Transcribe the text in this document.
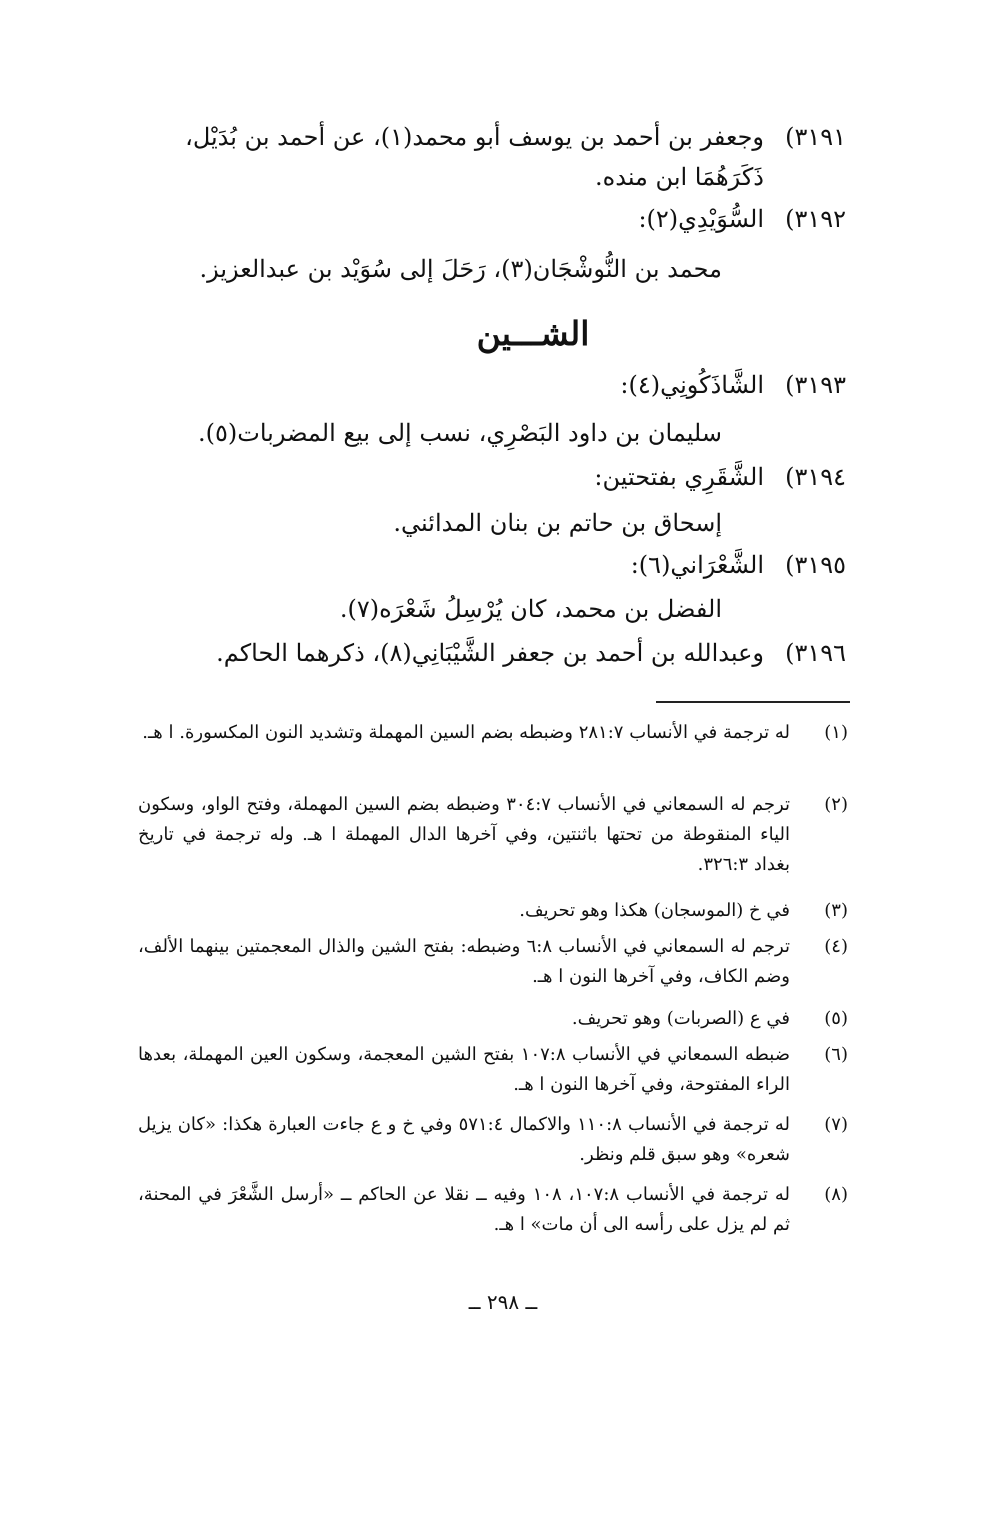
٣١٩١)وجعفر بن أحمد بن يوسف أبو محمد(١)، عن أحمد بن بُدَيْل،
ذَكَرَهُمَا ابن منده.
٣١٩٢)السُّوَيْدِي(٢):
محمد بن النُّوشْجَان(٣)، رَحَلَ إلى سُوَيْد بن عبدالعزيز.
الشـــين
٣١٩٣)الشَّاذَكُونِي(٤):
سليمان بن داود البَصْرِي، نسب إلى بيع المضربات(٥).
٣١٩٤)الشَّقَرِي بفتحتين:
إسحاق بن حاتم بن بنان المدائني.
٣١٩٥)الشَّعْرَاني(٦):
الفضل بن محمد، كان يُرْسِلُ شَعْرَه(٧).
٣١٩٦)وعبدالله بن أحمد بن جعفر الشَّيْبَانِي(٨)، ذكرهما الحاكم.
(١)
له ترجمة في الأنساب ٢٨١:٧ وضبطه بضم السين المهملة وتشديد النون المكسورة. ا هـ.
(٢)
ترجم له السمعاني في الأنساب ٣٠٤:٧ وضبطه بضم السين المهملة، وفتح الواو، وسكون الياء المنقوطة من تحتها باثنتين، وفي آخرها الدال المهملة ا هـ. وله ترجمة في تاريخ بغداد ٣٢٦:٣.
(٣)
في خ (الموسجان) هكذا وهو تحريف.
(٤)
ترجم له السمعاني في الأنساب ٦:٨ وضبطه: بفتح الشين والذال المعجمتين بينهما الألف، وضم الكاف، وفي آخرها النون ا هـ.
(٥)
في ع (الصربات) وهو تحريف.
(٦)
ضبطه السمعاني في الأنساب ١٠٧:٨ بفتح الشين المعجمة، وسكون العين المهملة، بعدها الراء المفتوحة، وفي آخرها النون ا هـ.
(٧)
له ترجمة في الأنساب ١١٠:٨ والاكمال ٥٧١:٤ وفي خ و ع جاءت العبارة هكذا: «كان يزيل شعره» وهو سبق قلم ونظر.
(٨)
له ترجمة في الأنساب ١٠٧:٨، ١٠٨ وفيه ــ نقلا عن الحاكم ــ «أرسل الشَّعْرَ في المحنة، ثم لم يزل على رأسه الى أن مات» ا هـ.
ــ ٢٩٨ ــ
